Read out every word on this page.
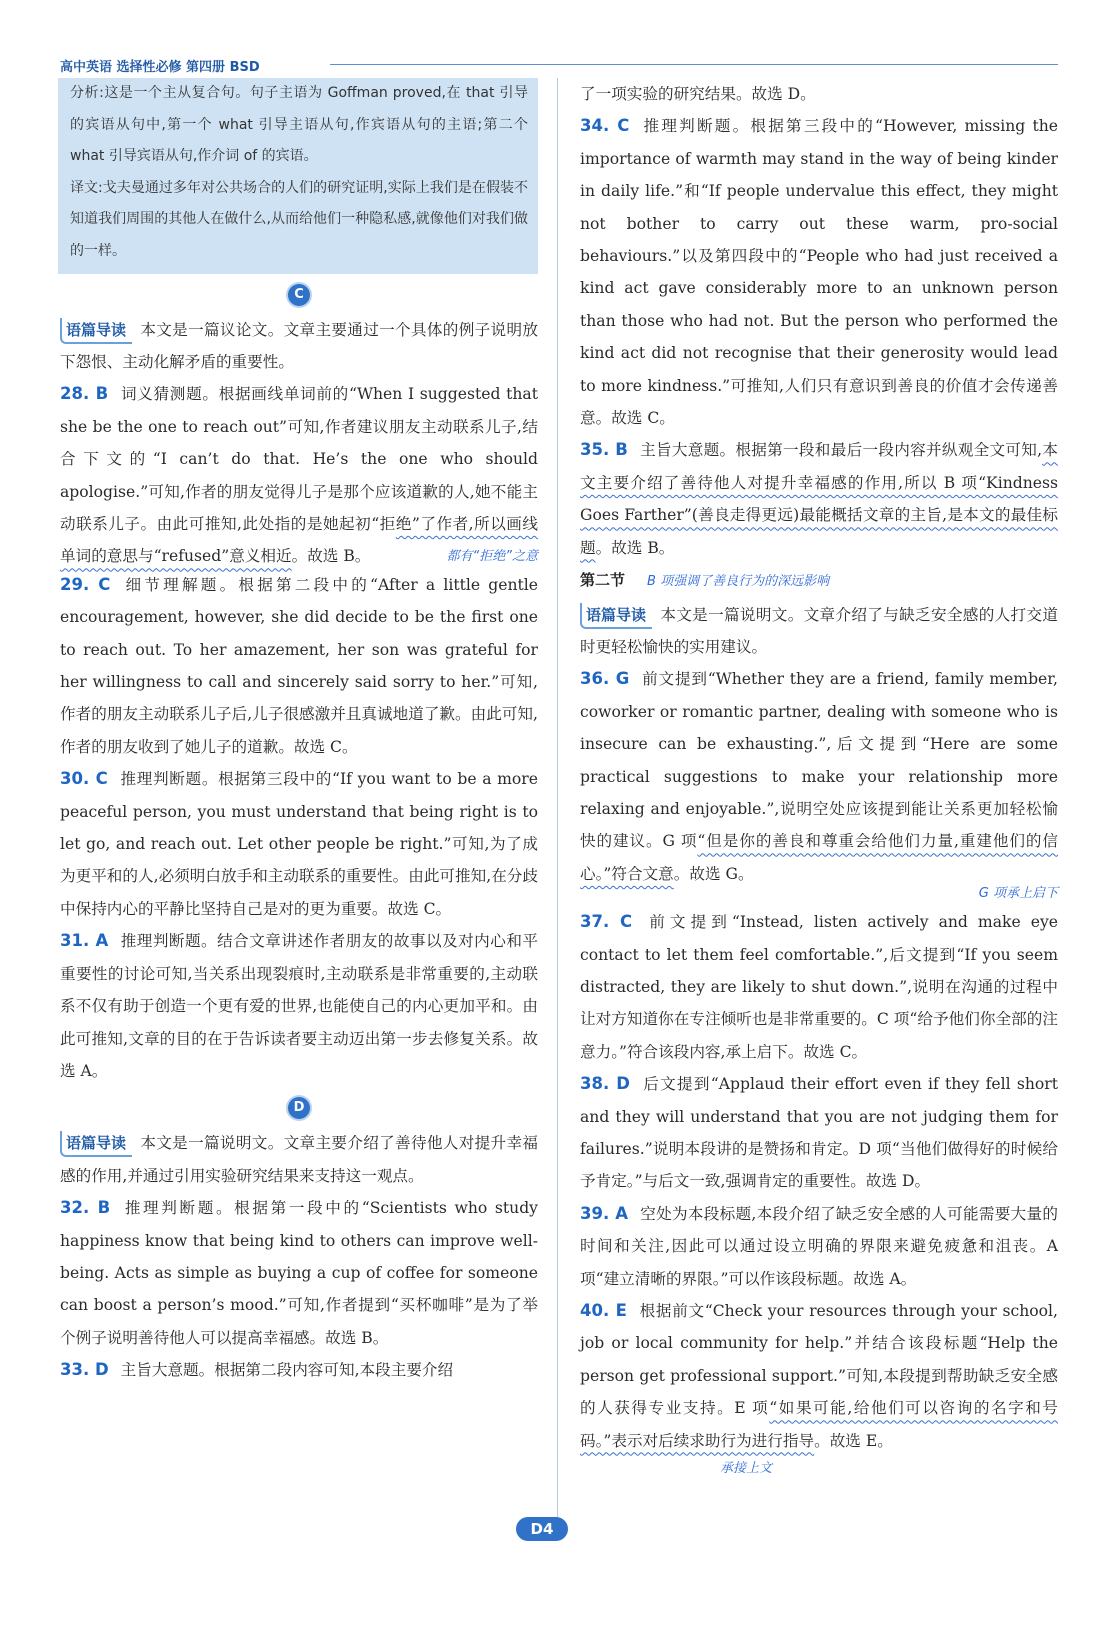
高中英语 选择性必修 第四册 BSD

分析:这是一个主从复合句。句子主语为 Goffman proved,在 that 引导的宾语从句中,第一个 what 引导主语从句,作宾语从句的主语;第二个 what 引导宾语从句,作介词 of 的宾语。

译文:戈夫曼通过多年对公共场合的人们的研究证明,实际上我们是在假装不知道我们周围的其他人在做什么,从而给他们一种隐私感,就像他们对我们做的一样。

C

语篇导读 本文是一篇议论文。文章主要通过一个具体的例子说明放下怨恨、主动化解矛盾的重要性。

28. B 词义猜测题。根据画线单词前的“When I suggested that she be the one to reach out”可知,作者建议朋友主动联系儿子,结合下文的“I can’t do that. He’s the one who should apologise.”可知,作者的朋友觉得儿子是那个应该道歉的人,她不能主动联系儿子。由此可推知,此处指的是她起初“拒绝”了作者,所以画线单词的意思与“refused”意义相近。故选 B。	都有“拒绝”之意

29. C 细节理解题。根据第二段中的“After a little gentle encouragement, however, she did decide to be the first one to reach out. To her amazement, her son was grateful for her willingness to call and sincerely said sorry to her.”可知,作者的朋友主动联系儿子后,儿子很感激并且真诚地道了歉。由此可知,作者的朋友收到了她儿子的道歉。故选 C。

30. C 推理判断题。根据第三段中的“If you want to be a more peaceful person, you must understand that being right is to let go, and reach out. Let other people be right.”可知,为了成为更平和的人,必须明白放手和主动联系的重要性。由此可推知,在分歧中保持内心的平静比坚持自己是对的更为重要。故选 C。

31. A 推理判断题。结合文章讲述作者朋友的故事以及对内心和平重要性的讨论可知,当关系出现裂痕时,主动联系是非常重要的,主动联系不仅有助于创造一个更有爱的世界,也能使自己的内心更加平和。由此可推知,文章的目的在于告诉读者要主动迈出第一步去修复关系。故选 A。

D

语篇导读 本文是一篇说明文。文章主要介绍了善待他人对提升幸福感的作用,并通过引用实验研究结果来支持这一观点。

32. B 推理判断题。根据第一段中的“Scientists who study happiness know that being kind to others can improve well-being. Acts as simple as buying a cup of coffee for someone can boost a person’s mood.”可知,作者提到“买杯咖啡”是为了举个例子说明善待他人可以提高幸福感。故选 B。

33. D 主旨大意题。根据第二段内容可知,本段主要介绍

了一项实验的研究结果。故选 D。

34. C 推理判断题。根据第三段中的“However, missing the importance of warmth may stand in the way of being kinder in daily life.”和“If people undervalue this effect, they might not bother to carry out these warm, pro-social behaviours.”以及第四段中的“People who had just received a kind act gave considerably more to an unknown person than those who had not. But the person who performed the kind act did not recognise that their generosity would lead to more kindness.”可推知,人们只有意识到善良的价值才会传递善意。故选 C。

35. B 主旨大意题。根据第一段和最后一段内容并纵观全文可知,本文主要介绍了善待他人对提升幸福感的作用,所以 B 项“Kindness Goes Farther”(善良走得更远)最能概括文章的主旨,是本文的最佳标题。故选 B。

第二节 B 项强调了善良行为的深远影响

语篇导读 本文是一篇说明文。文章介绍了与缺乏安全感的人打交道时更轻松愉快的实用建议。

36. G 前文提到“Whether they are a friend, family member, coworker or romantic partner, dealing with someone who is insecure can be exhausting.”,后文提到“Here are some practical suggestions to make your relationship more relaxing and enjoyable.”,说明空处应该提到能让关系更加轻松愉快的建议。G 项“但是你的善良和尊重会给他们力量,重建他们的信心。”符合文意。故选 G。

G 项承上启下

37. C 前文提到“Instead, listen actively and make eye contact to let them feel comfortable.”,后文提到“If you seem distracted, they are likely to shut down.”,说明在沟通的过程中让对方知道你在专注倾听也是非常重要的。C 项“给予他们你全部的注意力。”符合该段内容,承上启下。故选 C。

38. D 后文提到“Applaud their effort even if they fell short and they will understand that you are not judging them for failures.”说明本段讲的是赞扬和肯定。D 项“当他们做得好的时候给予肯定。”与后文一致,强调肯定的重要性。故选 D。

39. A 空处为本段标题,本段介绍了缺乏安全感的人可能需要大量的时间和关注,因此可以通过设立明确的界限来避免疲惫和沮丧。A 项“建立清晰的界限。”可以作该段标题。故选 A。

40. E 根据前文“Check your resources through your school, job or local community for help.”并结合该段标题“Help the person get professional support.”可知,本段提到帮助缺乏安全感的人获得专业支持。E 项“如果可能,给他们可以咨询的名字和号码。”表示对后续求助行为进行指导。故选 E。

承接上文
D4
